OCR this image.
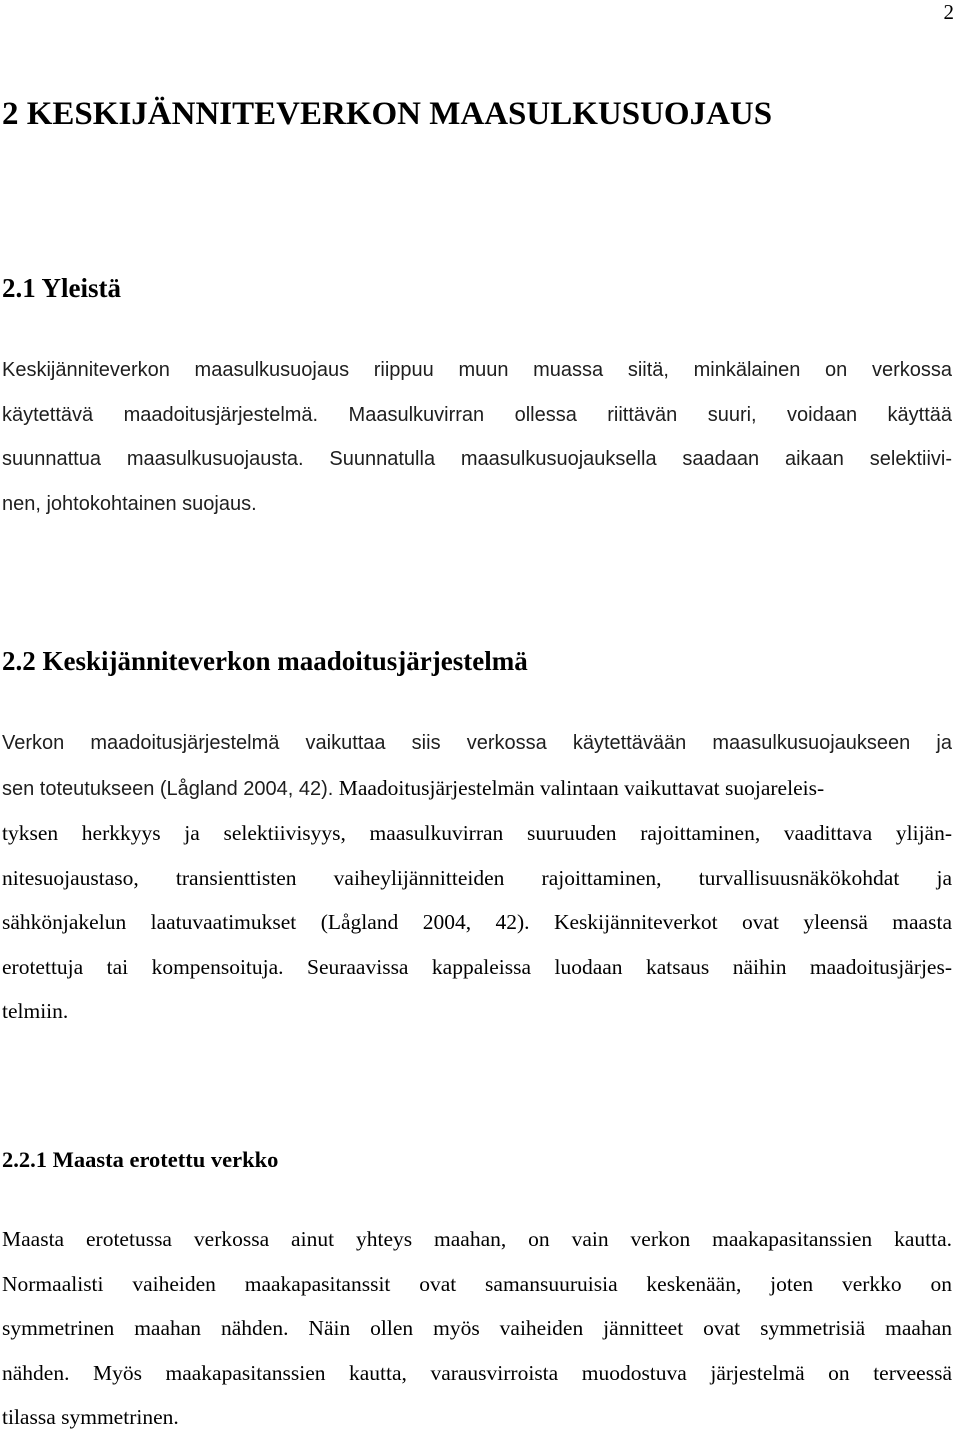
2
2 KESKIJÄNNITEVERKON MAASULKUSUOJAUS
2.1 Yleistä
Keskijänniteverkon maasulkusuojaus riippuu muun muassa siitä, minkälainen on verkossa
käytettävä maadoitusjärjestelmä. Maasulkuvirran ollessa riittävän suuri, voidaan käyttää
suunnattua maasulkusuojausta. Suunnatulla maasulkusuojauksella saadaan aikaan selektiivi-
nen, johtokohtainen suojaus.
2.2 Keskijänniteverkon maadoitusjärjestelmä
Verkon maadoitusjärjestelmä vaikuttaa siis verkossa käytettävään maasulkusuojaukseen ja
sen toteutukseen (Lågland 2004, 42). Maadoitusjärjestelmän valintaan vaikuttavat suojareleis-
tyksen herkkyys ja selektiivisyys, maasulkuvirran suuruuden rajoittaminen, vaadittava ylijän-
nitesuojaustaso, transienttisten vaiheylijännitteiden rajoittaminen, turvallisuusnäkökohdat ja
sähkönjakelun laatuvaatimukset (Lågland 2004, 42). Keskijänniteverkot ovat yleensä maasta
erotettuja tai kompensoituja. Seuraavissa kappaleissa luodaan katsaus näihin maadoitusjärjes-
telmiin.
2.2.1 Maasta erotettu verkko
Maasta erotetussa verkossa ainut yhteys maahan, on vain verkon maakapasitanssien kautta.
Normaalisti vaiheiden maakapasitanssit ovat samansuuruisia keskenään, joten verkko on
symmetrinen maahan nähden. Näin ollen myös vaiheiden jännitteet ovat symmetrisiä maahan
nähden. Myös maakapasitanssien kautta, varausvirroista muodostuva järjestelmä on terveessä
tilassa symmetrinen.
